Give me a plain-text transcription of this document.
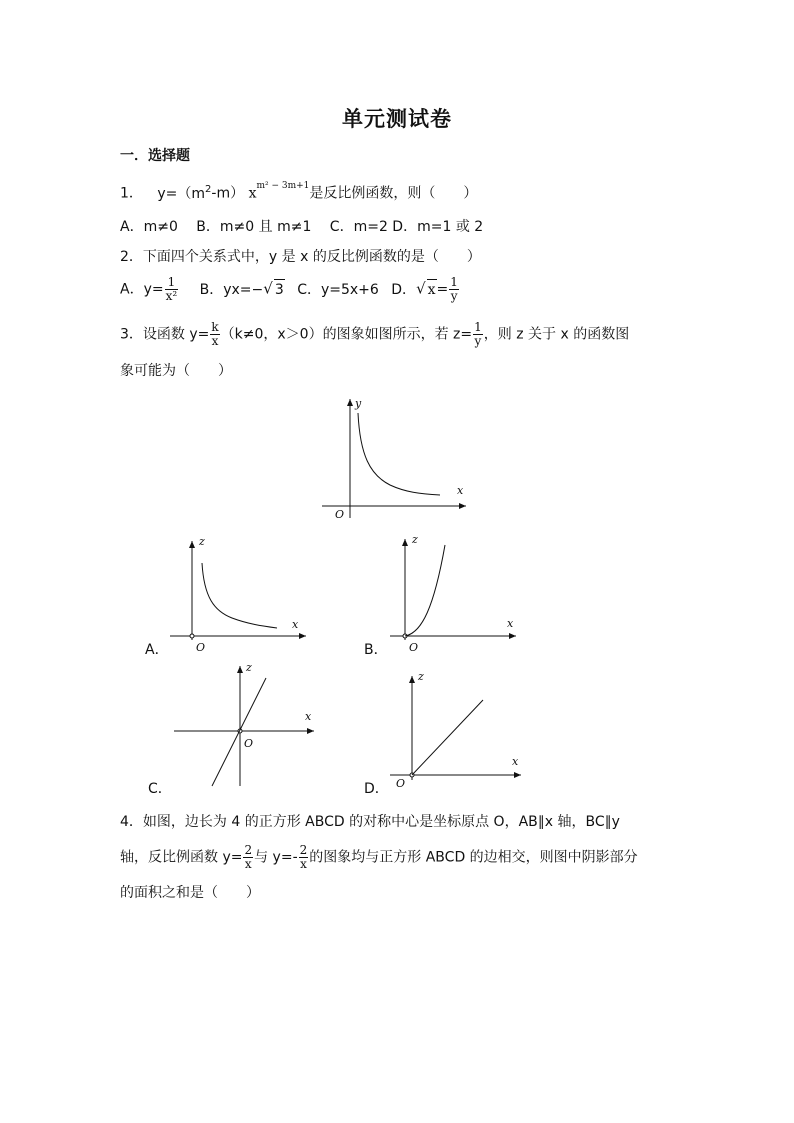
单元测试卷
一．选择题
1． $y=(m^2-m)$ $x^{m^2 - 3m+1}$是反比例函数，则（　　）
A．m≠0　 B．m≠0 且 m≠1　 C．m=2 D．m=1 或 2
2．下面四个关系式中，y 是 x 的反比例函数的是（　　）
A．$y= \frac{1}{\text{x²}}$ B．yx=−√ 3 C．y=5x+6 D．√ $x= \frac{1}{y}$
3．设函数 $y= \frac{k}{x} (k\ne 0$，x＞0）的图象如图所示，若 $z= \frac{1}{y}$ ，则 z 关于 x 的函数图
象可能为（　　）
y
x
O
A．
z
x
O	B．
z
x
O
C．
z
x
O
D．
z
x
O
4．如图，边长为 4 的正方形 ABCD 的对称中心是坐标原点 O，AB∥x 轴，BC∥y
轴，反比例函数 $y= \frac{2}{x}$ 与 $y=- \frac{2}{x}$ 的图象均与正方形 ABCD 的边相交，则图中阴影部分
的面积之和是（　　）
